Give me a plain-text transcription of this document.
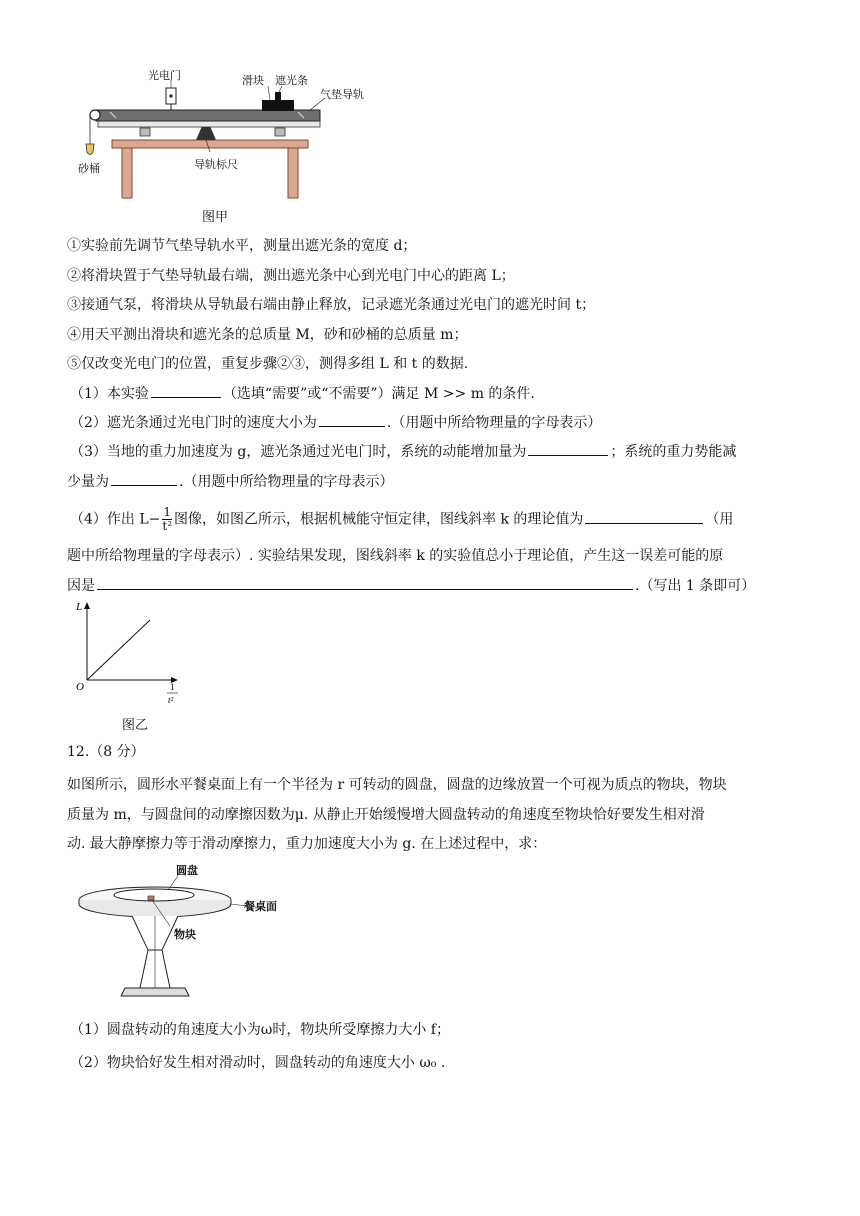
光电门	滑块 遮光条
气垫导轨
砂桶	导轨标尺
图甲
①实验前先调节气垫导轨水平，测量出遮光条的宽度 d；
②将滑块置于气垫导轨最右端，测出遮光条中心到光电门中心的距离 L；
③接通气泵，将滑块从导轨最右端由静止释放，记录遮光条通过光电门的遮光时间 t；
④用天平测出滑块和遮光条的总质量 M，砂和砂桶的总质量 m；
⑤仅改变光电门的位置，重复步骤②③，测得多组 L 和 t 的数据.
（1）本实验	（选填“需要”或“不需要”）满足 M >> m 的条件.
（2）遮光条通过光电门时的速度大小为	.（用题中所给物理量的字母表示）
（3）当地的重力加速度为 g，遮光条通过光电门时，系统的动能增加量为	；系统的重力势能减
少量为	.（用题中所给物理量的字母表示）
（4）作出 $L- \frac{1}{\text{t²}}$ 图像，如图乙所示，根据机械能守恒定律，图线斜率 k 的理论值为	（用
题中所给物理量的字母表示）. 实验结果发现，图线斜率 k 的实验值总小于理论值，产生这一误差可能的原
因是	.（写出 1 条即可）
L
O	1
t²
图乙
12.（8 分）
如图所示，圆形水平餐桌面上有一个半径为 r 可转动的圆盘，圆盘的边缘放置一个可视为质点的物块，物块
质量为 m，与圆盘间的动摩擦因数为μ. 从静止开始缓慢增大圆盘转动的角速度至物块恰好要发生相对滑
动. 最大静摩擦力等于滑动摩擦力，重力加速度大小为 g. 在上述过程中，求：
圆盘
餐桌面
物块
（1）圆盘转动的角速度大小为ω时，物块所受摩擦力大小 f；
（2）物块恰好发生相对滑动时，圆盘转动的角速度大小 ω₀ .
